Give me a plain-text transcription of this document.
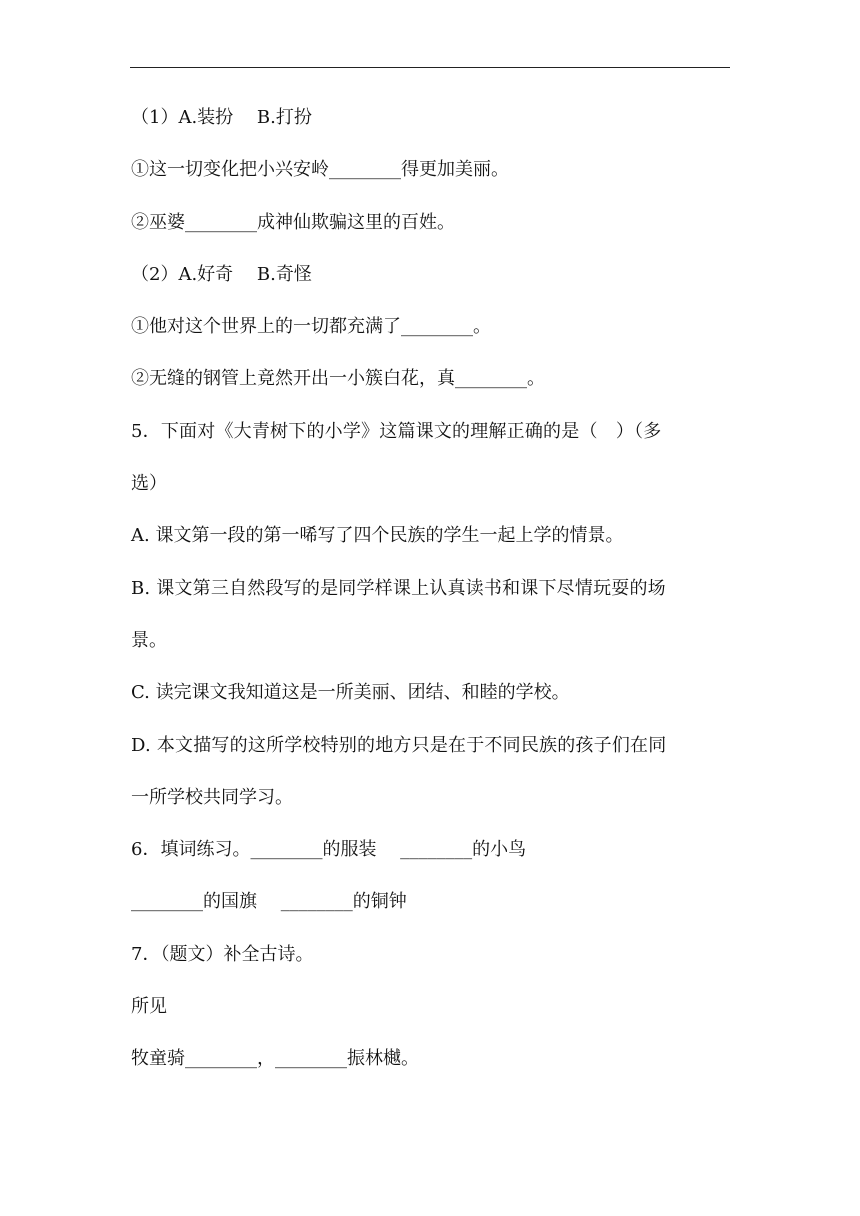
（1）A.装扮　 B.打扮
①这一切变化把小兴安岭________得更加美丽。
②巫婆________成神仙欺骗这里的百姓。
（2）A.好奇　 B.奇怪
①他对这个世界上的一切都充满了________。
②无缝的钢管上竟然开出一小簇白花，真________。
5．下面对《大青树下的小学》这篇课文的理解正确的是（　）（多
选）
A. 课文第一段的第一唏写了四个民族的学生一起上学的情景。
B. 课文第三自然段写的是同学样课上认真读书和课下尽情玩耍的场
景。
C. 读完课文我知道这是一所美丽、团结、和睦的学校。
D. 本文描写的这所学校特别的地方只是在于不同民族的孩子们在同
一所学校共同学习。
6．填词练习。________的服装　 ________的小鸟
________的国旗　 ________的铜钟
7．（题文）补全古诗。
所见
牧童骑________，________振林樾。
